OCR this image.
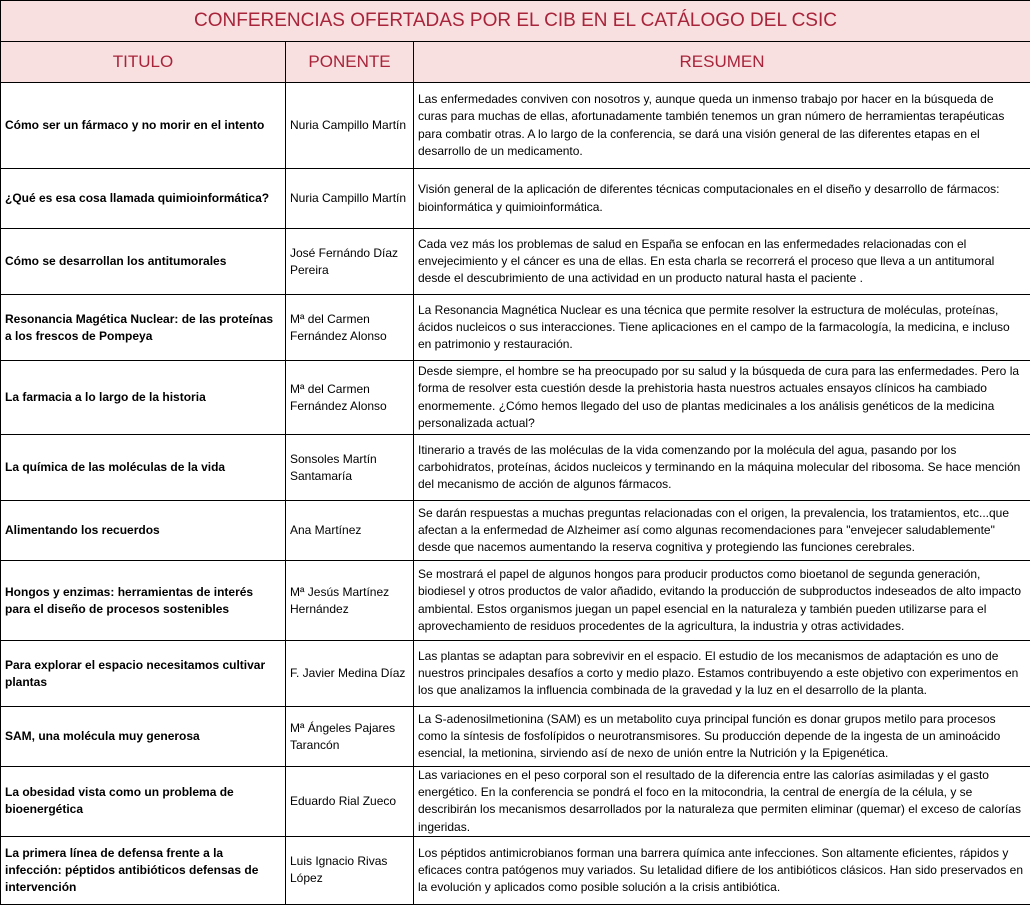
CONFERENCIAS OFERTADAS POR EL CIB EN EL CATÁLOGO DEL CSIC		
TITULO	PONENTE	RESUMEN
Cómo ser un fármaco y no morir en el intento	Nuria Campillo Martín	Las enfermedades conviven con nosotros y, aunque queda un inmenso trabajo por hacer en la búsqueda de curas para muchas de ellas, afortunadamente también tenemos un gran número de herramientas terapéuticas para combatir otras. A lo largo de la conferencia, se dará una visión general de las diferentes etapas en el desarrollo de un medicamento.
¿Qué es esa cosa llamada quimioinformática?	Nuria Campillo Martín	Visión general de la aplicación de diferentes técnicas computacionales en el diseño y desarrollo de fármacos: bioinformática y quimioinformática.
Cómo se desarrollan los antitumorales	José Fernándo Díaz Pereira	Cada vez más los problemas de salud en España se enfocan en las enfermedades relacionadas con el envejecimiento y el cáncer es una de ellas. En esta charla se recorrerá el proceso que lleva a un antitumoral desde el descubrimiento de una actividad en un producto natural hasta el paciente .
Resonancia Magética Nuclear: de las proteínas a los frescos de Pompeya	Mª del Carmen Fernández Alonso	La Resonancia Magnética Nuclear es una técnica que permite resolver la estructura de moléculas, proteínas, ácidos nucleicos o sus interacciones. Tiene aplicaciones en el campo de la farmacología, la medicina, e incluso en patrimonio y restauración.
La farmacia a lo largo de la historia	Mª del Carmen Fernández Alonso	Desde siempre, el hombre se ha preocupado por su salud y la búsqueda de cura para las enfermedades. Pero la forma de resolver esta cuestión desde la prehistoria hasta nuestros actuales ensayos clínicos ha cambiado enormemente. ¿Cómo hemos llegado del uso de plantas medicinales a los análisis genéticos de la medicina personalizada actual?
La química de las moléculas de la vida	Sonsoles Martín Santamaría	Itinerario a través de las moléculas de la vida comenzando por la molécula del agua, pasando por los carbohidratos, proteínas, ácidos nucleicos y terminando en la máquina molecular del ribosoma. Se hace mención del mecanismo de acción de algunos fármacos.
Alimentando los recuerdos	Ana Martínez	Se darán respuestas a muchas preguntas relacionadas con el origen, la prevalencia, los tratamientos, etc...que afectan a la enfermedad de Alzheimer así como algunas recomendaciones para "envejecer saludablemente" desde que nacemos aumentando la reserva cognitiva y protegiendo las funciones cerebrales.
Hongos y enzimas: herramientas de interés para el diseño de procesos sostenibles	Mª Jesús Martínez Hernández	Se mostrará el papel de algunos hongos para producir productos como bioetanol de segunda generación, biodiesel y otros productos de valor añadido, evitando la producción de subproductos indeseados de alto impacto ambiental. Estos organismos juegan un papel esencial en la naturaleza y también pueden utilizarse para el aprovechamiento de residuos procedentes de la agricultura, la industria y otras actividades.
Para explorar el espacio necesitamos cultivar plantas	F. Javier Medina Díaz	Las plantas se adaptan para sobrevivir en el espacio. El estudio de los mecanismos de adaptación es uno de nuestros principales desafíos a corto y medio plazo. Estamos contribuyendo a este objetivo con experimentos en los que analizamos la influencia combinada de la gravedad y la luz en el desarrollo de la planta.
SAM, una molécula muy generosa	Mª Ángeles Pajares Tarancón	La S-adenosilmetionina (SAM) es un metabolito cuya principal función es donar grupos metilo para procesos como la síntesis de fosfolípidos o neurotransmisores. Su producción depende de la ingesta de un aminoácido esencial, la metionina, sirviendo así de nexo de unión entre la Nutrición y la Epigenética.
La obesidad vista como un problema de bioenergética	Eduardo Rial Zueco	Las variaciones en el peso corporal son el resultado de la diferencia entre las calorías asimiladas y el gasto energético. En la conferencia se pondrá el foco en la mitocondria, la central de energía de la célula, y se describirán los mecanismos desarrollados por la naturaleza que permiten eliminar (quemar) el exceso de calorías ingeridas.
La primera línea de defensa frente a la infección: péptidos antibióticos defensas de intervención	Luis Ignacio Rivas López	Los péptidos antimicrobianos forman una barrera química ante infecciones. Son altamente eficientes, rápidos y eficaces contra patógenos muy variados. Su letalidad difiere de los antibióticos clásicos. Han sido preservados en la evolución y aplicados como posible solución a la crisis antibiótica.
